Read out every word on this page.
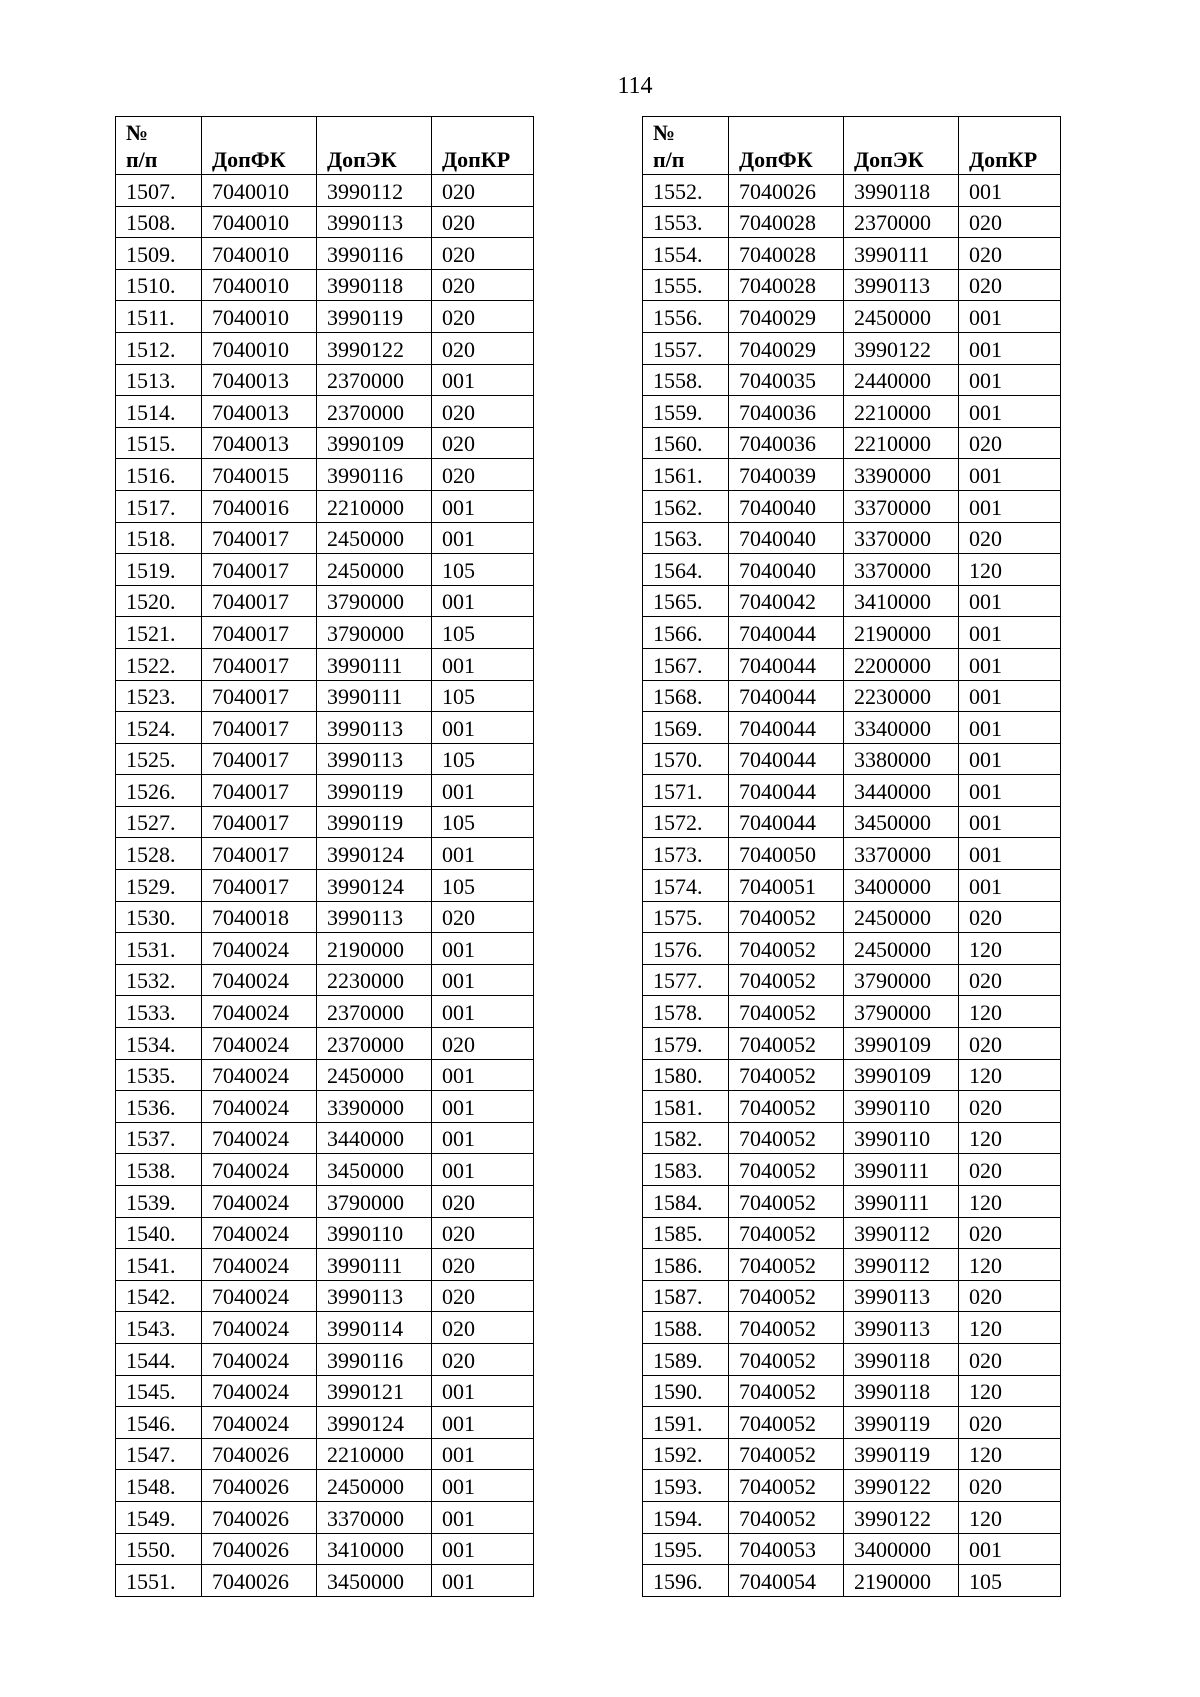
114
№
п/п	ДопФК	ДопЭК	ДопКР
1507.	7040010	3990112	020
1508.	7040010	3990113	020
1509.	7040010	3990116	020
1510.	7040010	3990118	020
1511.	7040010	3990119	020
1512.	7040010	3990122	020
1513.	7040013	2370000	001
1514.	7040013	2370000	020
1515.	7040013	3990109	020
1516.	7040015	3990116	020
1517.	7040016	2210000	001
1518.	7040017	2450000	001
1519.	7040017	2450000	105
1520.	7040017	3790000	001
1521.	7040017	3790000	105
1522.	7040017	3990111	001
1523.	7040017	3990111	105
1524.	7040017	3990113	001
1525.	7040017	3990113	105
1526.	7040017	3990119	001
1527.	7040017	3990119	105
1528.	7040017	3990124	001
1529.	7040017	3990124	105
1530.	7040018	3990113	020
1531.	7040024	2190000	001
1532.	7040024	2230000	001
1533.	7040024	2370000	001
1534.	7040024	2370000	020
1535.	7040024	2450000	001
1536.	7040024	3390000	001
1537.	7040024	3440000	001
1538.	7040024	3450000	001
1539.	7040024	3790000	020
1540.	7040024	3990110	020
1541.	7040024	3990111	020
1542.	7040024	3990113	020
1543.	7040024	3990114	020
1544.	7040024	3990116	020
1545.	7040024	3990121	001
1546.	7040024	3990124	001
1547.	7040026	2210000	001
1548.	7040026	2450000	001
1549.	7040026	3370000	001
1550.	7040026	3410000	001
1551.	7040026	3450000	001
№
п/п	ДопФК	ДопЭК	ДопКР
1552.	7040026	3990118	001
1553.	7040028	2370000	020
1554.	7040028	3990111	020
1555.	7040028	3990113	020
1556.	7040029	2450000	001
1557.	7040029	3990122	001
1558.	7040035	2440000	001
1559.	7040036	2210000	001
1560.	7040036	2210000	020
1561.	7040039	3390000	001
1562.	7040040	3370000	001
1563.	7040040	3370000	020
1564.	7040040	3370000	120
1565.	7040042	3410000	001
1566.	7040044	2190000	001
1567.	7040044	2200000	001
1568.	7040044	2230000	001
1569.	7040044	3340000	001
1570.	7040044	3380000	001
1571.	7040044	3440000	001
1572.	7040044	3450000	001
1573.	7040050	3370000	001
1574.	7040051	3400000	001
1575.	7040052	2450000	020
1576.	7040052	2450000	120
1577.	7040052	3790000	020
1578.	7040052	3790000	120
1579.	7040052	3990109	020
1580.	7040052	3990109	120
1581.	7040052	3990110	020
1582.	7040052	3990110	120
1583.	7040052	3990111	020
1584.	7040052	3990111	120
1585.	7040052	3990112	020
1586.	7040052	3990112	120
1587.	7040052	3990113	020
1588.	7040052	3990113	120
1589.	7040052	3990118	020
1590.	7040052	3990118	120
1591.	7040052	3990119	020
1592.	7040052	3990119	120
1593.	7040052	3990122	020
1594.	7040052	3990122	120
1595.	7040053	3400000	001
1596.	7040054	2190000	105
